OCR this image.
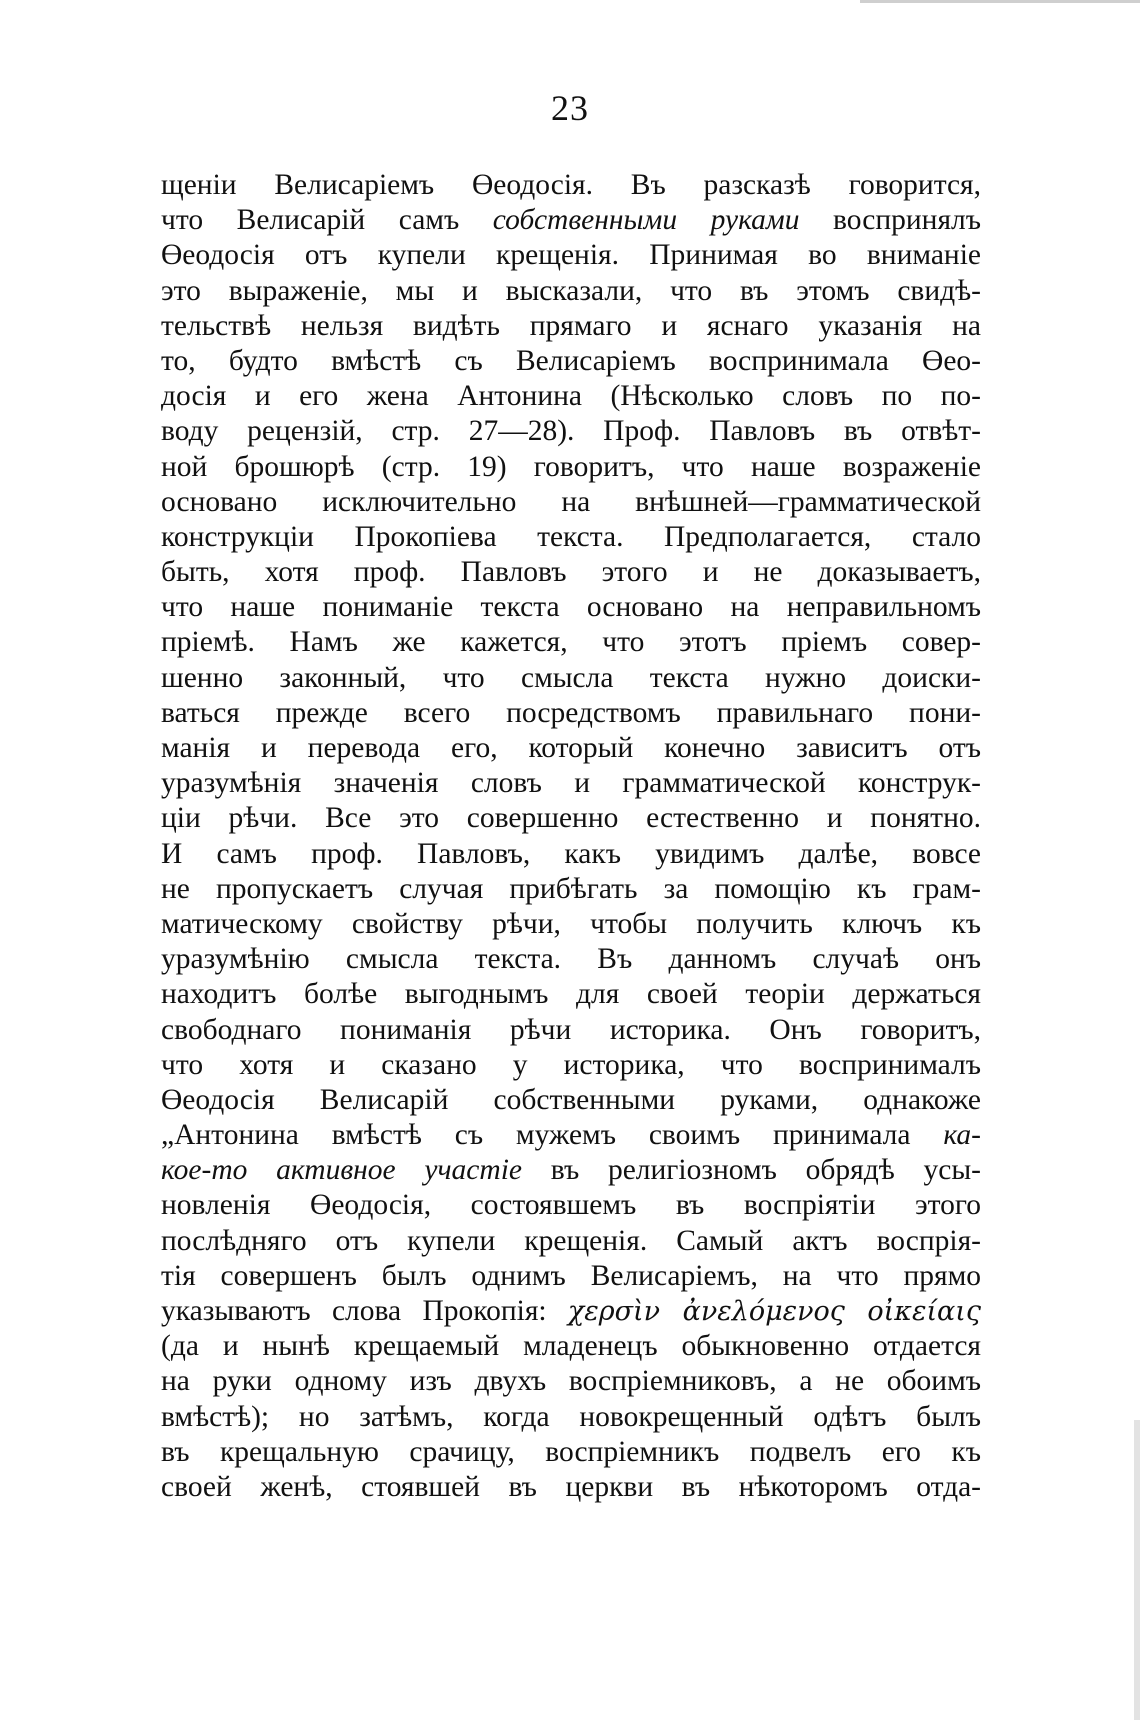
23
щеніи Велисаріемъ Өеодосія. Въ разсказѣ говорится,
что Велисарій самъ собственными руками воспринялъ
Өеодосія отъ купели крещенія. Принимая во вниманіе
это выраженіе, мы и высказали, что въ этомъ свидѣ-
тельствѣ нельзя видѣть прямаго и яснаго указанія на
то, будто вмѣстѣ съ Велисаріемъ воспринимала Өео-
досія и его жена Антонина (Нѣсколько словъ по по-
воду рецензій, стр. 27—28). Проф. Павловъ въ отвѣт-
ной брошюрѣ (стр. 19) говоритъ, что наше возраженіе
основано исключительно на внѣшней—грамматической
конструкціи Прокопіева текста. Предполагается, стало
быть, хотя проф. Павловъ этого и не доказываетъ,
что наше пониманіе текста основано на неправильномъ
пріемѣ. Намъ же кажется, что этотъ пріемъ совер-
шенно законный, что смысла текста нужно доиски-
ваться прежде всего посредствомъ правильнаго пони-
манія и перевода его, который конечно зависитъ отъ
уразумѣнія значенія словъ и грамматической конструк-
ціи рѣчи. Все это совершенно естественно и понятно.
И самъ проф. Павловъ, какъ увидимъ далѣе, вовсе
не пропускаетъ случая прибѣгать за помощію къ грам-
матическому свойству рѣчи, чтобы получить ключъ къ
уразумѣнію смысла текста. Въ данномъ случаѣ онъ
находитъ болѣе выгоднымъ для своей теоріи держаться
свободнаго пониманія рѣчи историка. Онъ говоритъ,
что хотя и сказано у историка, что воспринималъ
Өеодосія Велисарій собственными руками, однакоже
„Антонина вмѣстѣ съ мужемъ своимъ принимала ка-
кое-то активное участіе въ религіозномъ обрядѣ усы-
новленія Өеодосія, состоявшемъ въ воспріятіи этого
послѣдняго отъ купели крещенія. Самый актъ воспрія-
тія совершенъ былъ однимъ Велисаріемъ, на что прямо
указываютъ слова Прокопія: χερσὶν ἀνελόμενος οἰκείαις
(да и нынѣ крещаемый младенецъ обыкновенно отдается
на руки одному изъ двухъ воспріемниковъ, а не обоимъ
вмѣстѣ); но затѣмъ, когда новокрещенный одѣтъ былъ
въ крещальную срачицу, воспріемникъ подвелъ его къ
своей женѣ, стоявшей въ церкви въ нѣкоторомъ отда-
